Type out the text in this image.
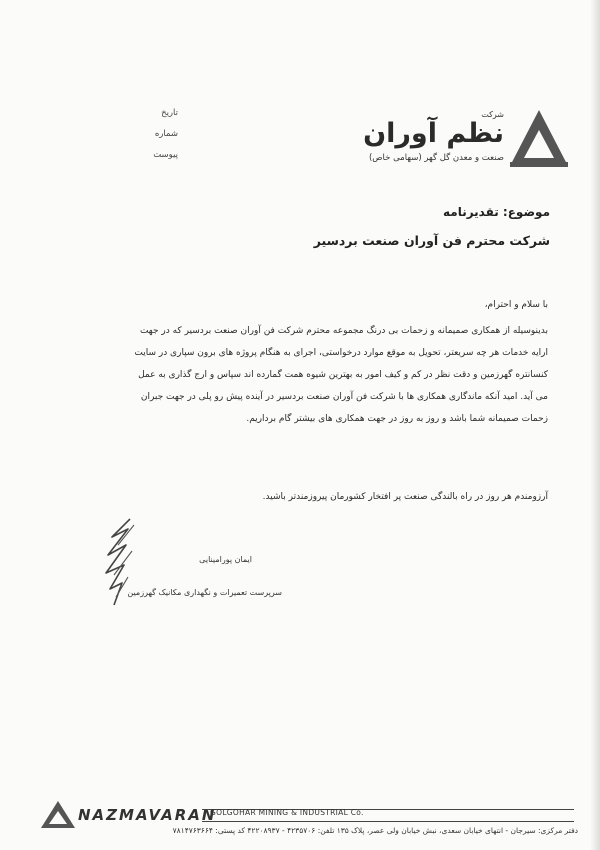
شرکت
نظم آوران
صنعت و معدن گل گهر (سهامی خاص)
تاریخ
شماره
پیوست
موضوع: تقدیرنامه
شرکت محترم فن آوران صنعت بردسیر
با سلام و احترام،
بدینوسیله از همکاری صمیمانه و زحمات بی درنگ مجموعه محترم شرکت فن آوران صنعت بردسیر که در جهت
ارایه خدمات هر چه سریعتر، تحویل به موقع موارد درخواستی، اجرای به هنگام پروژه های برون سپاری در سایت
کنسانتره گهرزمین و دقت نظر در کم و کیف امور به بهترین شیوه همت گمارده اند سپاس و ارج گذاری به عمل
می آید. امید آنکه ماندگاری همکاری ها با شرکت فن آوران صنعت بردسیر در آینده پیش رو پلی در جهت جبران
زحمات صمیمانه شما باشد و روز به روز در جهت همکاری های بیشتر گام برداریم.
آرزومندم هر روز در راه بالندگی صنعت پر افتخار کشورمان پیروزمندتر باشید.
ایمان پورامینایی
سرپرست تعمیرات و نگهداری مکانیک گهرزمین
NAZMAVARAN
GOLGOHAR MINING & INDUSTRIAL Co.
دفتر مرکزی: سیرجان - انتهای خیابان سعدی، نبش خیابان ولی عصر، پلاک ۱۳۵ تلفن: ۴۲۳۵۷۰۶ - ۴۲۲۰۸۹۳۷ کد پستی: ۷۸۱۴۷۶۳۶۶۴
